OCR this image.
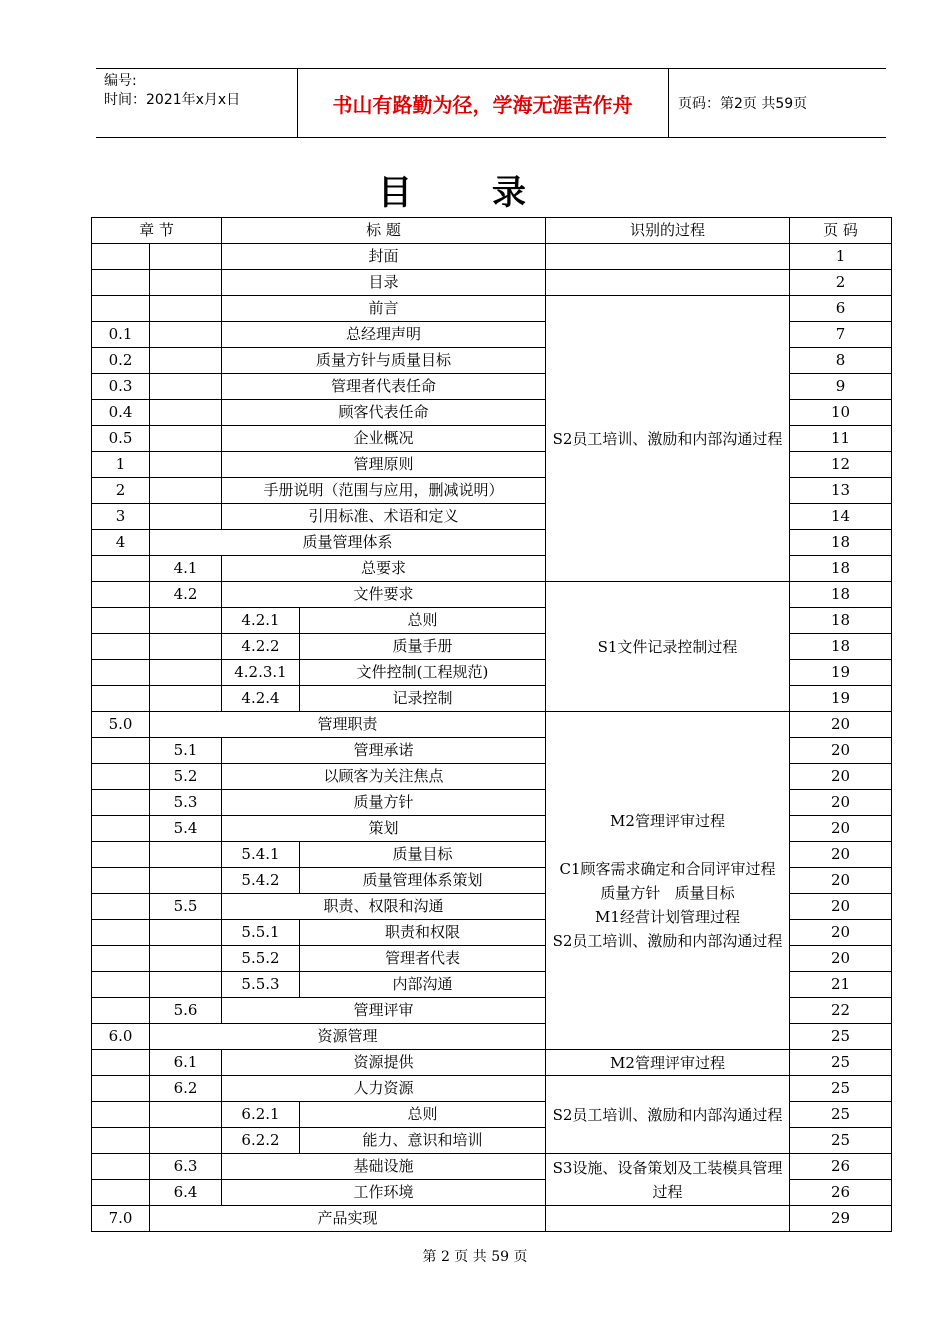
编号:
时间：2021年x月x日	书山有路勤为径，学海无涯苦作舟	页码：第2页 共59页
目录
章 节		标 题		识别的过程	页 码
		封面			1
		目录			2
		前言		S2员工培训、激励和内部沟通过程	6
0.1		总经理声明			7
0.2		质量方针与质量目标			8
0.3		管理者代表任命			9
0.4		顾客代表任命			10
0.5		企业概况			11
1		管理原则			12
2		手册说明（范围与应用，删减说明）			13
3		引用标准、术语和定义			14
4	质量管理体系				18
	4.1	总要求			18
	4.2	文件要求		S1文件记录控制过程	18
		4.2.1	总则		18
		4.2.2	质量手册		18
		4.2.3.1	文件控制(工程规范)		19
		4.2.4	记录控制		19
5.0	管理职责			M2管理评审过程
C1顾客需求确定和合同评审过程
质量方针   质量目标
M1经营计划管理过程
S2员工培训、激励和内部沟通过程	20
	5.1	管理承诺			20
	5.2	以顾客为关注焦点			20
	5.3	质量方针			20
	5.4	策划			20
		5.4.1	质量目标		20
		5.4.2	质量管理体系策划		20
	5.5	职责、权限和沟通			20
		5.5.1	职责和权限		20
		5.5.2	管理者代表		20
		5.5.3	内部沟通		21
	5.6	管理评审			22
6.0	资源管理				25
	6.1	资源提供		M2管理评审过程	25
	6.2	人力资源		S2员工培训、激励和内部沟通过程	25
		6.2.1	总则		25
		6.2.2	能力、意识和培训		25
	6.3	基础设施		S3设施、设备策划及工装模具管理过程	26
	6.4	工作环境			26
7.0	产品实现				29
第 2 页 共 59 页
